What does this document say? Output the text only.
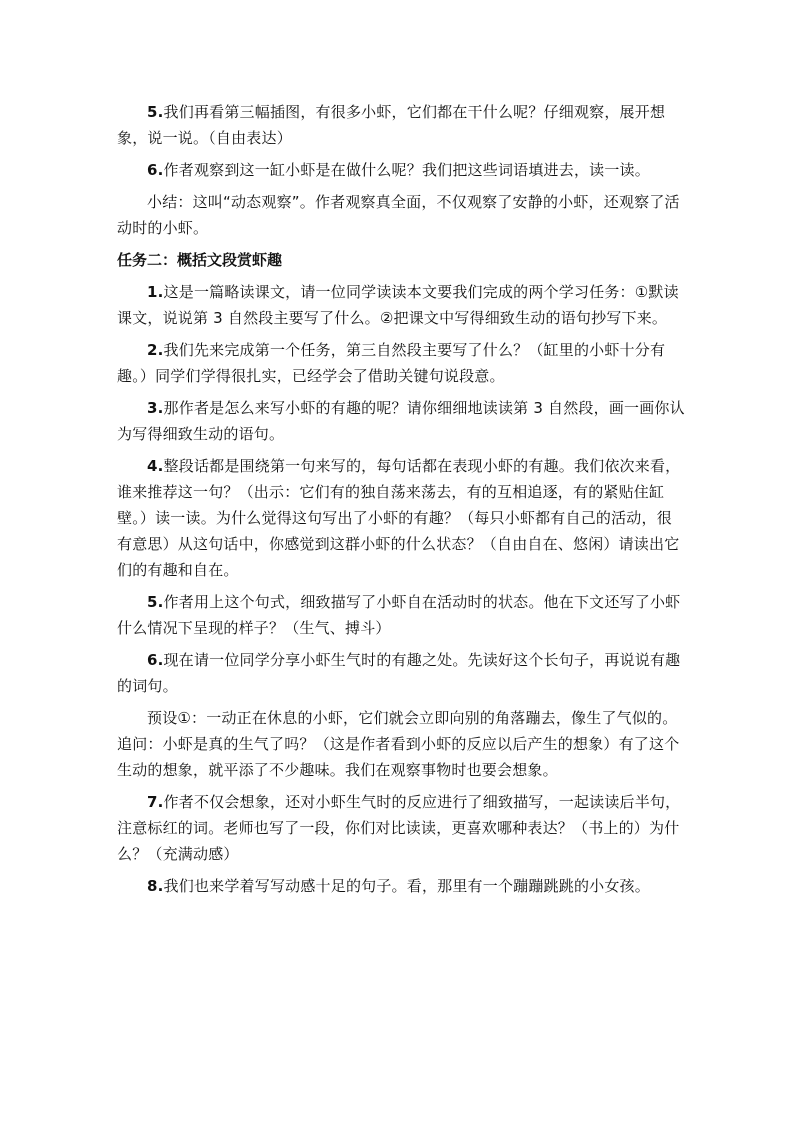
5.我们再看第三幅插图，有很多小虾，它们都在干什么呢？仔细观察，展开想象，说一说。（自由表达）

6.作者观察到这一缸小虾是在做什么呢？我们把这些词语填进去，读一读。

小结：这叫“动态观察”。作者观察真全面，不仅观察了安静的小虾，还观察了活动时的小虾。

任务二：概括文段赏虾趣

1.这是一篇略读课文，请一位同学读读本文要我们完成的两个学习任务：①默读课文，说说第 3 自然段主要写了什么。②把课文中写得细致生动的语句抄写下来。

2.我们先来完成第一个任务，第三自然段主要写了什么？（缸里的小虾十分有趣。）同学们学得很扎实，已经学会了借助关键句说段意。

3.那作者是怎么来写小虾的有趣的呢？请你细细地读读第 3 自然段，画一画你认为写得细致生动的语句。

4.整段话都是围绕第一句来写的，每句话都在表现小虾的有趣。我们依次来看，谁来推荐这一句？（出示：它们有的独自荡来荡去，有的互相追逐，有的紧贴住缸壁。）读一读。为什么觉得这句写出了小虾的有趣？（每只小虾都有自己的活动，很有意思）从这句话中，你感觉到这群小虾的什么状态？（自由自在、悠闲）请读出它们的有趣和自在。

5.作者用上这个句式，细致描写了小虾自在活动时的状态。他在下文还写了小虾什么情况下呈现的样子？（生气、搏斗）

6.现在请一位同学分享小虾生气时的有趣之处。先读好这个长句子，再说说有趣的词句。

预设①：一动正在休息的小虾，它们就会立即向别的角落蹦去，像生了气似的。追问：小虾是真的生气了吗？（这是作者看到小虾的反应以后产生的想象）有了这个生动的想象，就平添了不少趣味。我们在观察事物时也要会想象。

7.作者不仅会想象，还对小虾生气时的反应进行了细致描写，一起读读后半句，注意标红的词。老师也写了一段，你们对比读读，更喜欢哪种表达？（书上的）为什么？（充满动感）

8.我们也来学着写写动感十足的句子。看，那里有一个蹦蹦跳跳的小女孩。
